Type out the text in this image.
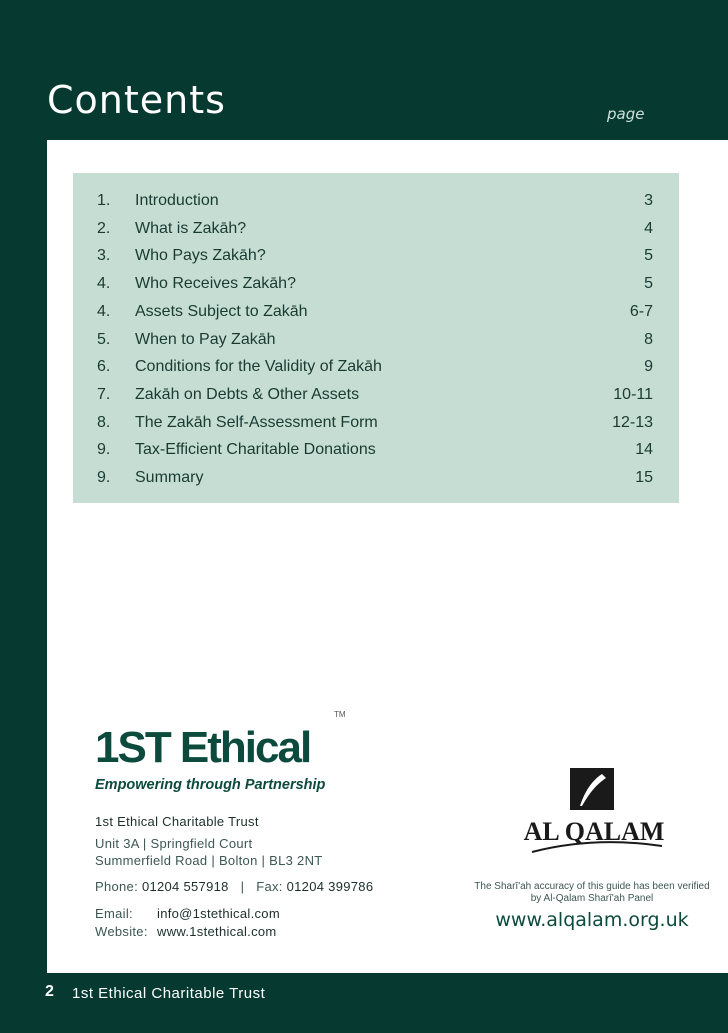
Contents	page
1. Introduction	3
2. What is Zakāh?	4
3. Who Pays Zakāh?	5
4. Who Receives Zakāh?	5
4. Assets Subject to Zakāh	6-7
5. When to Pay Zakāh	8
6. Conditions for the Validity of Zakāh	9
7. Zakāh on Debts & Other Assets	10-11
8. The Zakāh Self-Assessment Form	12-13
9. Tax-Efficient Charitable Donations	14
9. Summary	15
1ST Ethical
TM
Empowering through Partnership
1st Ethical Charitable Trust
Unit 3A | Springfield Court
Summerfield Road | Bolton | BL3 2NT
Phone: 01204 557918 | Fax: 01204 399786
Email: info@1stethical.com
Website: www.1stethical.com
AL QALAM
The Sharī'ah accuracy of this guide has been verified
by Al-Qalam Sharī'ah Panel
www.alqalam.org.uk
2 1st Ethical Charitable Trust
